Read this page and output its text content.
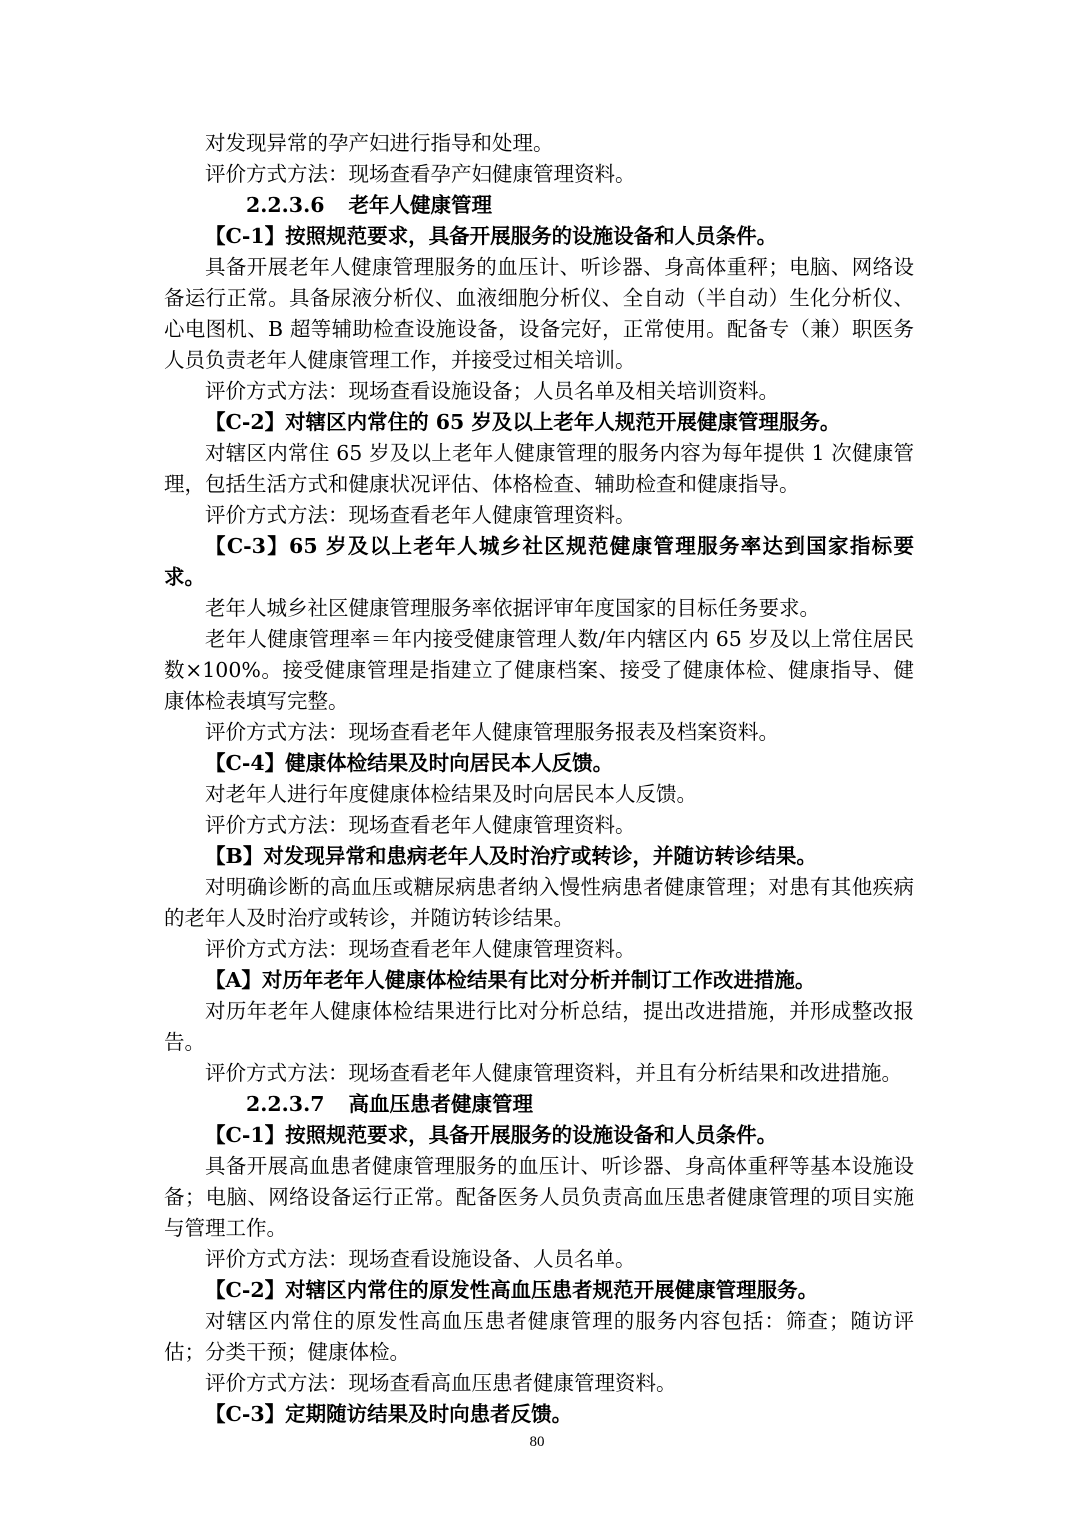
对发现异常的孕产妇进行指导和处理。

评价方式方法：现场查看孕产妇健康管理资料。

2.2.3.6 老年人健康管理

【C-1】按照规范要求，具备开展服务的设施设备和人员条件。

具备开展老年人健康管理服务的血压计、听诊器、身高体重秤；电脑、网络设备运行正常。具备尿液分析仪、血液细胞分析仪、全自动（半自动）生化分析仪、心电图机、B 超等辅助检查设施设备，设备完好，正常使用。配备专（兼）职医务人员负责老年人健康管理工作，并接受过相关培训。

评价方式方法：现场查看设施设备；人员名单及相关培训资料。

【C-2】对辖区内常住的 65 岁及以上老年人规范开展健康管理服务。

对辖区内常住 65 岁及以上老年人健康管理的服务内容为每年提供 1 次健康管理，包括生活方式和健康状况评估、体格检查、辅助检查和健康指导。

评价方式方法：现场查看老年人健康管理资料。

【C-3】65 岁及以上老年人城乡社区规范健康管理服务率达到国家指标要求。

老年人城乡社区健康管理服务率依据评审年度国家的目标任务要求。

老年人健康管理率＝年内接受健康管理人数/年内辖区内 65 岁及以上常住居民数×100%。接受健康管理是指建立了健康档案、接受了健康体检、健康指导、健康体检表填写完整。

评价方式方法：现场查看老年人健康管理服务报表及档案资料。

【C-4】健康体检结果及时向居民本人反馈。

对老年人进行年度健康体检结果及时向居民本人反馈。

评价方式方法：现场查看老年人健康管理资料。

【B】对发现异常和患病老年人及时治疗或转诊，并随访转诊结果。

对明确诊断的高血压或糖尿病患者纳入慢性病患者健康管理；对患有其他疾病的老年人及时治疗或转诊，并随访转诊结果。

评价方式方法：现场查看老年人健康管理资料。

【A】对历年老年人健康体检结果有比对分析并制订工作改进措施。

对历年老年人健康体检结果进行比对分析总结，提出改进措施，并形成整改报告。

评价方式方法：现场查看老年人健康管理资料，并且有分析结果和改进措施。

2.2.3.7 高血压患者健康管理

【C-1】按照规范要求，具备开展服务的设施设备和人员条件。

具备开展高血患者健康管理服务的血压计、听诊器、身高体重秤等基本设施设备；电脑、网络设备运行正常。配备医务人员负责高血压患者健康管理的项目实施与管理工作。

评价方式方法：现场查看设施设备、人员名单。

【C-2】对辖区内常住的原发性高血压患者规范开展健康管理服务。

对辖区内常住的原发性高血压患者健康管理的服务内容包括：筛查；随访评估；分类干预；健康体检。

评价方式方法：现场查看高血压患者健康管理资料。

【C-3】定期随访结果及时向患者反馈。

80
